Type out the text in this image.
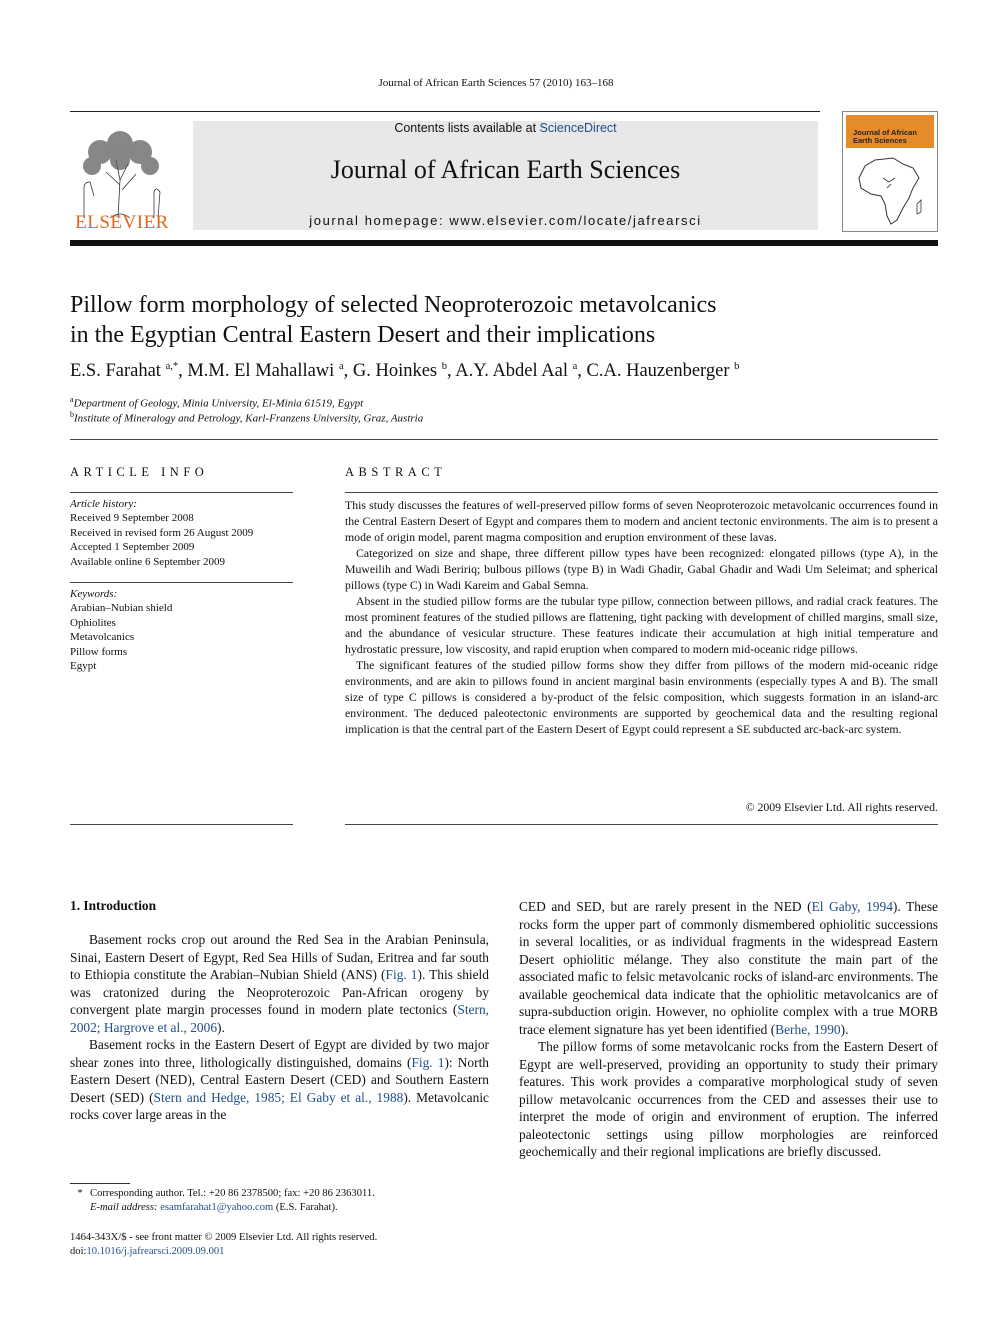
Journal of African Earth Sciences 57 (2010) 163–168
ELSEVIER
Contents lists available at ScienceDirect
Journal of African Earth Sciences
journal homepage: www.elsevier.com/locate/jafrearsci
Journal of African
Earth Sciences
Pillow form morphology of selected Neoproterozoic metavolcanics
in the Egyptian Central Eastern Desert and their implications
E.S. Farahat $^{a,*}$, M.M. El Mahallawi $^a$, G. Hoinkes $^b$, A.Y. Abdel Aal $^a$, C.A. Hauzenberger $^b$
$^a$Department of Geology, Minia University, El-Minia 61519, Egypt
$^b$Institute of Mineralogy and Petrology, Karl-Franzens University, Graz, Austria
ARTICLE INFO
Article history:
Received 9 September 2008
Received in revised form 26 August 2009
Accepted 1 September 2009
Available online 6 September 2009
Keywords:
Arabian–Nubian shield
Ophiolites
Metavolcanics
Pillow forms
Egypt
ABSTRACT

This study discusses the features of well-preserved pillow forms of seven Neoproterozoic metavolcanic occurrences found in the Central Eastern Desert of Egypt and compares them to modern and ancient tectonic environments. The aim is to present a mode of origin model, parent magma composition and eruption environment of these lavas.

Categorized on size and shape, three different pillow types have been recognized: elongated pillows (type A), in the Muweilih and Wadi Beririq; bulbous pillows (type B) in Wadi Ghadir, Gabal Ghadir and Wadi Um Seleimat; and spherical pillows (type C) in Wadi Kareim and Gabal Semna.

Absent in the studied pillow forms are the tubular type pillow, connection between pillows, and radial crack features. The most prominent features of the studied pillows are flattening, tight packing with development of chilled margins, small size, and the abundance of vesicular structure. These features indicate their accumulation at high initial temperature and hydrostatic pressure, low viscosity, and rapid eruption when compared to modern mid-oceanic ridge pillows.

The significant features of the studied pillow forms show they differ from pillows of the modern mid-oceanic ridge environments, and are akin to pillows found in ancient marginal basin environments (especially types A and B). The small size of type C pillows is considered a by-product of the felsic composition, which suggests formation in an island-arc environment. The deduced paleotectonic environments are supported by geochemical data and the resulting regional implication is that the central part of the Eastern Desert of Egypt could represent a SE subducted arc-back-arc system.

© 2009 Elsevier Ltd. All rights reserved.
1. Introduction

Basement rocks crop out around the Red Sea in the Arabian Peninsula, Sinai, Eastern Desert of Egypt, Red Sea Hills of Sudan, Eritrea and far south to Ethiopia constitute the Arabian–Nubian Shield (ANS) (Fig. 1). This shield was cratonized during the Neoproterozoic Pan-African orogeny by convergent plate margin processes found in modern plate tectonics (Stern, 2002; Hargrove et al., 2006).

Basement rocks in the Eastern Desert of Egypt are divided by two major shear zones into three, lithologically distinguished, domains (Fig. 1): North Eastern Desert (NED), Central Eastern Desert (CED) and Southern Eastern Desert (SED) (Stern and Hedge, 1985; El Gaby et al., 1988). Metavolcanic rocks cover large areas in the

CED and SED, but are rarely present in the NED (El Gaby, 1994). These rocks form the upper part of commonly dismembered ophiolitic successions in several localities, or as individual fragments in the widespread Eastern Desert ophiolitic mélange. They also constitute the main part of the associated mafic to felsic metavolcanic rocks of island-arc environments. The available geochemical data indicate that the ophiolitic metavolcanics are of supra-subduction origin. However, no ophiolite complex with a true MORB trace element signature has yet been identified (Berhe, 1990).

The pillow forms of some metavolcanic rocks from the Eastern Desert of Egypt are well-preserved, providing an opportunity to study their primary features. This work provides a comparative morphological study of seven pillow metavolcanic occurrences from the CED and assesses their use to interpret the mode of origin and environment of eruption. The inferred paleotectonic settings using pillow morphologies are reinforced geochemically and their regional implications are briefly discussed.

* Corresponding author. Tel.: +20 86 2378500; fax: +20 86 2363011.
E-mail address: esamfarahat1@yahoo.com (E.S. Farahat).
1464-343X/$ - see front matter © 2009 Elsevier Ltd. All rights reserved.
doi:10.1016/j.jafrearsci.2009.09.001
